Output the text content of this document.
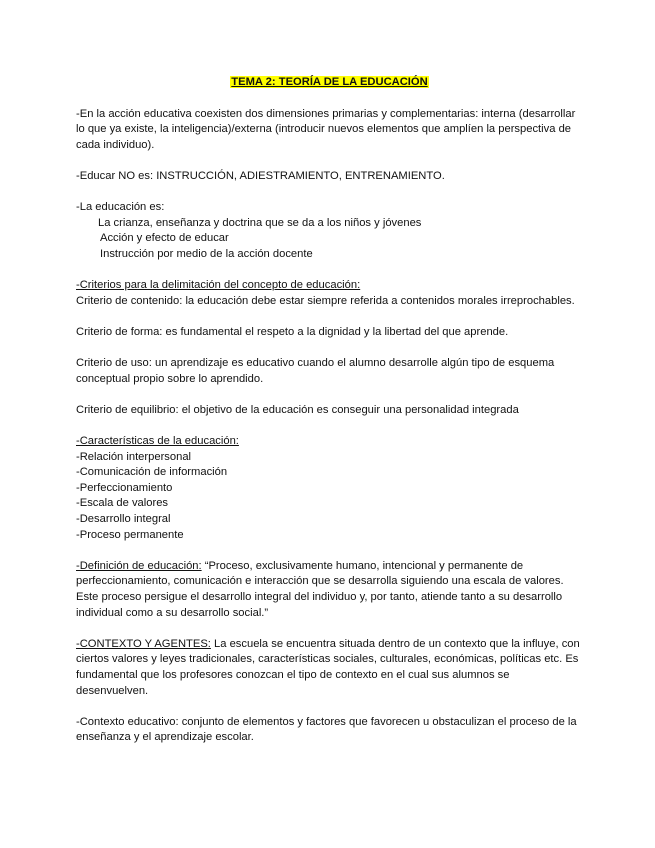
TEMA 2: TEORÍA DE LA EDUCACIÓN

-En la acción educativa coexisten dos dimensiones primarias y complementarias: interna (desarrollar lo que ya existe, la inteligencia)/externa (introducir nuevos elementos que amplíen la perspectiva de cada individuo).

-Educar NO es: INSTRUCCIÓN, ADIESTRAMIENTO, ENTRENAMIENTO.

-La educación es:
La crianza, enseñanza y doctrina que se da a los niños y jóvenes
Acción y efecto de educar
Instrucción por medio de la acción docente
-Criterios para la delimitación del concepto de educación:
Criterio de contenido: la educación debe estar siempre referida a contenidos morales irreprochables.

Criterio de forma: es fundamental el respeto a la dignidad y la libertad del que aprende.

Criterio de uso: un aprendizaje es educativo cuando el alumno desarrolle algún tipo de esquema conceptual propio sobre lo aprendido.

Criterio de equilibrio: el objetivo de la educación es conseguir una personalidad integrada

-Características de la educación:
-Relación interpersonal
-Comunicación de información
-Perfeccionamiento
-Escala de valores
-Desarrollo integral
-Proceso permanente

-Definición de educación: “Proceso, exclusivamente humano, intencional y permanente de perfeccionamiento, comunicación e interacción que se desarrolla siguiendo una escala de valores. Este proceso persigue el desarrollo integral del individuo y, por tanto, atiende tanto a su desarrollo individual como a su desarrollo social.”

-CONTEXTO Y AGENTES: La escuela se encuentra situada dentro de un contexto que la influye, con ciertos valores y leyes tradicionales, características sociales, culturales, económicas, políticas etc. Es fundamental que los profesores conozcan el tipo de contexto en el cual sus alumnos se desenvuelven.

-Contexto educativo: conjunto de elementos y factores que favorecen u obstaculizan el proceso de la enseñanza y el aprendizaje escolar.
